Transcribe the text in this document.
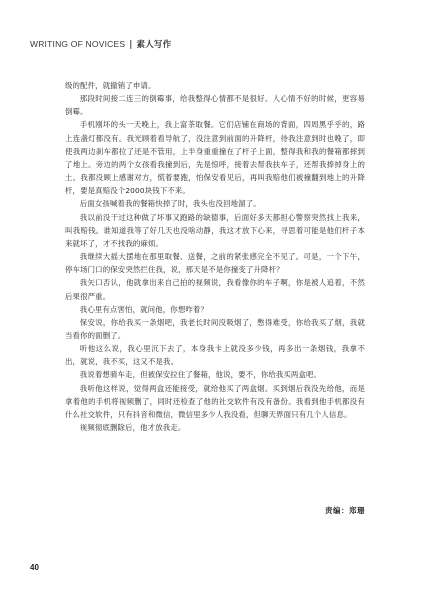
WRITING OF NOVICES | 素人写作

级的配件，就撤销了申请。

那段时间接二连三的倒霉事，给我整得心情都不是很好。人心情不好的时候，更容易倒霉。

手机刚坏的头一天晚上，我上富茶取餐。它们店铺在商场的背面，四周黑乎乎的，路上连盏灯都没有。我光顾着看导航了，没注意到前面的升降杆，待我注意到时也晚了，即使我两边刹车都拉了还是不管用，上半身重重撞在了杆子上面，整得我和我的餐箱都摔到了地上。旁边的两个女孩看我撞到后，先是惊呼，接着去帮我扶车子，还帮我捧掉身上的土。我都没顾上感谢对方，慌着要跑，怕保安看见后，再叫我赔他们被撞翻到地上的升降杆，要是真赔没个2000块钱下不来。

后面女孩喊着我的餐箱快掉了时，我头也没回地溜了。

我以前没干过这种做了坏事又跑路的缺德事，后面好多天都担心警察突然找上我来，叫我赔钱。谁知道我等了好几天也没啥动静，我这才放下心来，寻思着可能是他们杆子本来就坏了，才不找我的麻烦。

我继续大摇大摆地在那里取餐、送餐，之前的紧张感完全不见了。可是，一个下午，停车场门口的保安突然拦住我，说，那天是不是你撞变了升降杆？

我矢口否认，他就拿出来自己拍的视频说，我看像你的车子啊，你是被人追着，不然后果很严重。

我心里有点害怕，就问他，你想咋着？

保安说，你给我买一条烟吧，我老长时间没吸烟了，憋得难受，你给我买了烟，我就当看你的面删了。

听他这么说，我心里沉下去了，本身我卡上就没多少钱，再多出一条烟钱，我拿不出，就说，我不买，这又不是我。

我说着想骑车走，但被保安拉住了餐箱，他说，要不，你给我买两盒吧。

我听他这样说，觉得两盒还能接受，就给他买了两盒烟。买到烟后我没先给他，而是拿着他的手机将视频删了，同时还检查了他的社交软件有没有备份。我看到他手机都没有什么社交软件，只有抖音和微信，微信里多少人我没看，但聊天界面只有几个人信息。

视频彻底删除后，他才放我走。

责编：郑珊
40
